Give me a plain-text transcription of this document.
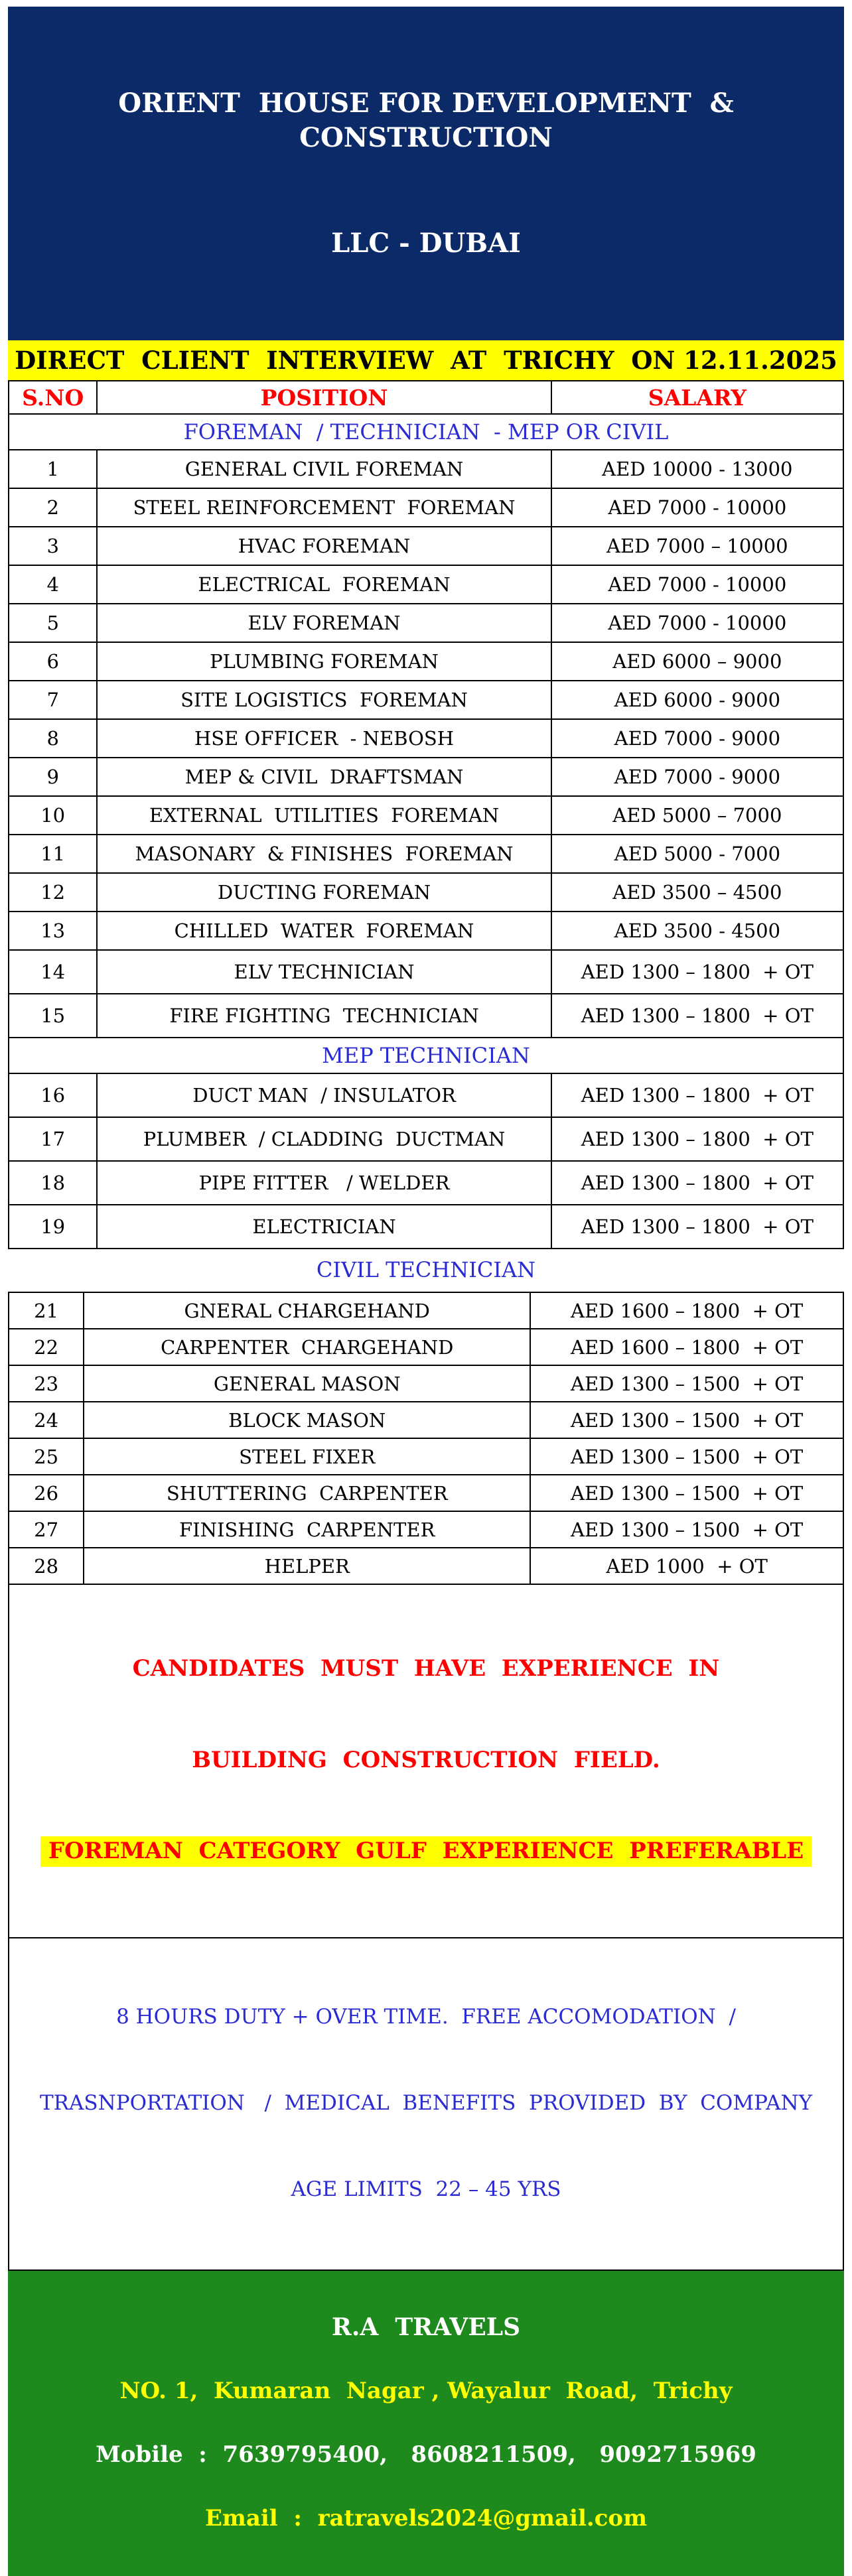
ORIENT  HOUSE FOR DEVELOPMENT  & CONSTRUCTION

LLC - DUBAI

DIRECT  CLIENT  INTERVIEW  AT  TRICHY  ON 12.11.2025
S.NO	POSITION	SALARY
FOREMAN  / TECHNICIAN  - MEP OR CIVIL		
1	GENERAL CIVIL FOREMAN	AED 10000 - 13000
2	STEEL REINFORCEMENT  FOREMAN	AED 7000 - 10000
3	HVAC FOREMAN	AED 7000 – 10000
4	ELECTRICAL  FOREMAN	AED 7000 - 10000
5	ELV FOREMAN	AED 7000 - 10000
6	PLUMBING FOREMAN	AED 6000 – 9000
7	SITE LOGISTICS  FOREMAN	AED 6000 - 9000
8	HSE OFFICER  - NEBOSH	AED 7000 - 9000
9	MEP & CIVIL  DRAFTSMAN	AED 7000 - 9000
10	EXTERNAL  UTILITIES  FOREMAN	AED 5000 – 7000
11	MASONARY  & FINISHES  FOREMAN	AED 5000 - 7000
12	DUCTING FOREMAN	AED 3500 – 4500
13	CHILLED  WATER  FOREMAN	AED 3500 - 4500
14	ELV TECHNICIAN	AED 1300 – 1800  + OT
15	FIRE FIGHTING  TECHNICIAN	AED 1300 – 1800  + OT
MEP TECHNICIAN		
16	DUCT MAN  / INSULATOR	AED 1300 – 1800  + OT
17	PLUMBER  / CLADDING  DUCTMAN	AED 1300 – 1800  + OT
18	PIPE FITTER   / WELDER	AED 1300 – 1800  + OT
19	ELECTRICIAN	AED 1300 – 1800  + OT
CIVIL TECHNICIAN
21	GNERAL CHARGEHAND	AED 1600 – 1800  + OT
22	CARPENTER  CHARGEHAND	AED 1600 – 1800  + OT
23	GENERAL MASON	AED 1300 – 1500  + OT
24	BLOCK MASON	AED 1300 – 1500  + OT
25	STEEL FIXER	AED 1300 – 1500  + OT
26	SHUTTERING  CARPENTER	AED 1300 – 1500  + OT
27	FINISHING  CARPENTER	AED 1300 – 1500  + OT
28	HELPER	AED 1000  + OT

CANDIDATES  MUST  HAVE  EXPERIENCE  IN

BUILDING  CONSTRUCTION  FIELD.

FOREMAN  CATEGORY  GULF  EXPERIENCE  PREFERABLE

8 HOURS DUTY + OVER TIME.  FREE ACCOMODATION  /

TRASNPORTATION   /  MEDICAL  BENEFITS  PROVIDED  BY  COMPANY

AGE LIMITS  22 – 45 YRS

R.A  TRAVELS

NO. 1,  Kumaran  Nagar , Wayalur  Road,  Trichy

Mobile  :  7639795400,   8608211509,   9092715969

Email  :  ratravels2024@gmail.com
